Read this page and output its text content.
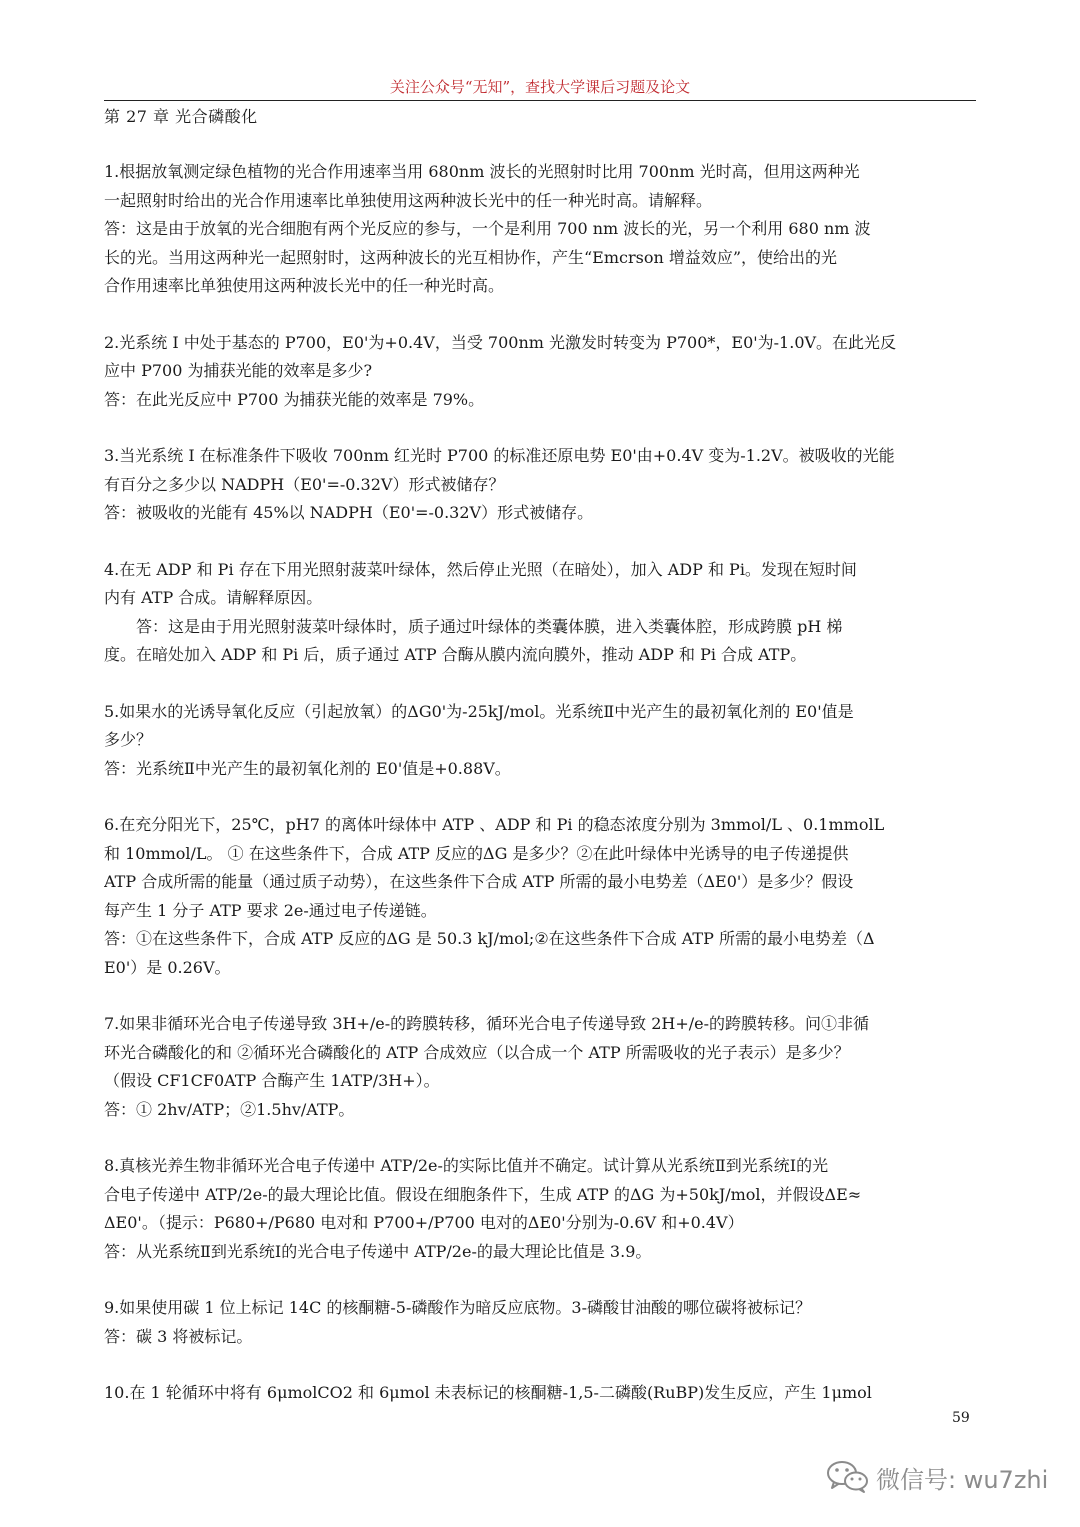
关注公众号“无知”，查找大学课后习题及论文
第 27 章 光合磷酸化
1.根据放氧测定绿色植物的光合作用速率当用 680nm 波长的光照射时比用 700nm 光时高，但用这两种光
一起照射时给出的光合作用速率比单独使用这两种波长光中的任一种光时高。请解释。
答：这是由于放氧的光合细胞有两个光反应的参与，一个是利用 700 nm 波长的光，另一个利用 680 nm 波
长的光。当用这两种光一起照射时，这两种波长的光互相协作，产生“Emcrson 增益效应”，使给出的光
合作用速率比单独使用这两种波长光中的任一种光时高。
2.光系统 I 中处于基态的 P700，E0'为+0.4V，当受 700nm 光激发时转变为 P700*，E0'为-1.0V。在此光反
应中 P700 为捕获光能的效率是多少?
答：在此光反应中 P700 为捕获光能的效率是 79%。
3.当光系统 I 在标准条件下吸收 700nm 红光时 P700 的标准还原电势 E0'由+0.4V 变为-1.2V。被吸收的光能
有百分之多少以 NADPH（E0'=-0.32V）形式被储存？
答：被吸收的光能有 45%以 NADPH（E0'=-0.32V）形式被储存。
4.在无 ADP 和 Pi 存在下用光照射菠菜叶绿体，然后停止光照（在暗处），加入 ADP 和 Pi。发现在短时间
内有 ATP 合成。请解释原因。
答：这是由于用光照射菠菜叶绿体时，质子通过叶绿体的类囊体膜，进入类囊体腔，形成跨膜 pH 梯
度。在暗处加入 ADP 和 Pi 后，质子通过 ATP 合酶从膜内流向膜外，推动 ADP 和 Pi 合成 ATP。
5.如果水的光诱导氧化反应（引起放氧）的ΔG0'为-25kJ/mol。光系统Ⅱ中光产生的最初氧化剂的 E0'值是
多少？
答：光系统Ⅱ中光产生的最初氧化剂的 E0'值是+0.88V。
6.在充分阳光下，25℃，pH7 的离体叶绿体中 ATP 、ADP 和 Pi 的稳态浓度分别为 3mmol/L 、0.1mmolL
和 10mmol/L。 ① 在这些条件下，合成 ATP 反应的ΔG 是多少？②在此叶绿体中光诱导的电子传递提供
ATP 合成所需的能量（通过质子动势），在这些条件下合成 ATP 所需的最小电势差（ΔE0'）是多少？假设
每产生 1 分子 ATP 要求 2e-通过电子传递链。
答：①在这些条件下，合成 ATP 反应的ΔG 是 50.3 kJ/mol;②在这些条件下合成 ATP 所需的最小电势差（Δ
E0'）是 0.26V。
7.如果非循环光合电子传递导致 3H+/e-的跨膜转移，循环光合电子传递导致 2H+/e-的跨膜转移。问①非循
环光合磷酸化的和 ②循环光合磷酸化的 ATP 合成效应（以合成一个 ATP 所需吸收的光子表示）是多少？
（假设 CF1CF0ATP 合酶产生 1ATP/3H+）。
答：① 2hv/ATP；②1.5hv/ATP。
8.真核光养生物非循环光合电子传递中 ATP/2e-的实际比值并不确定。试计算从光系统Ⅱ到光系统Ⅰ的光
合电子传递中 ATP/2e-的最大理论比值。假设在细胞条件下，生成 ATP 的ΔG 为+50kJ/mol，并假设ΔE≈
ΔE0'。（提示：P680+/P680 电对和 P700+/P700 电对的ΔE0'分别为-0.6V 和+0.4V）
答：从光系统Ⅱ到光系统Ⅰ的光合电子传递中 ATP/2e-的最大理论比值是 3.9。
9.如果使用碳 1 位上标记 14C 的核酮糖-5-磷酸作为暗反应底物。3-磷酸甘油酸的哪位碳将被标记？
答：碳 3 将被标记。
10.在 1 轮循环中将有 6μmolCO2 和 6μmol 未表标记的核酮糖-1,5-二磷酸(RuBP)发生反应，产生 1μmol
59
微信号: wu7zhi
